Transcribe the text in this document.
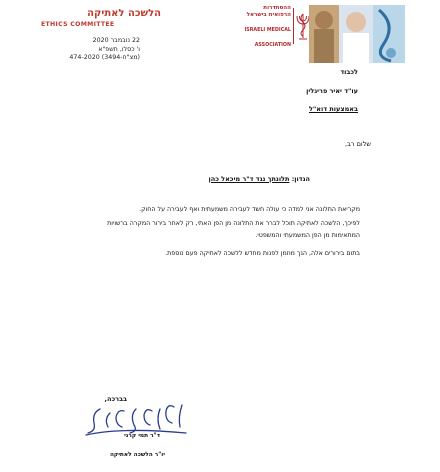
הלשכה לאתיקה
ETHICS COMMITTEE
22 נובמבר 2020
ו' כסלו, תשפ"א
(מצ"ח-3494) 474-2020
ההסתדרות
הרפואית בישראל
ISRAELI MEDICAL
ASSOCIATION
לכבוד
עו"ד יאיר פריגלין
באמצעות דוא"ל
שלום רב,
הנדון: תלונתך נגד ד"ר מיכאל כהן

מקריאת התלונה אני למדה כי עולה חשד לעבירה משמעתית ואף לעבירה על החוק.

לפיכך, הלשכה לאתיקה תוכל לברר את התלונה מן הפן האתי, רק לאחר בירור המקרה ברשויות

המתאימות מן הפן המשמעתי והמשפטי.

בתום בירורים אלה, הנך מוזמן לפנות מחדש ללשכה לאתיקה פעם נוספת.

בברכה,
ד"ר תמי קרני
יו"ר הלשכה לאתיקה
